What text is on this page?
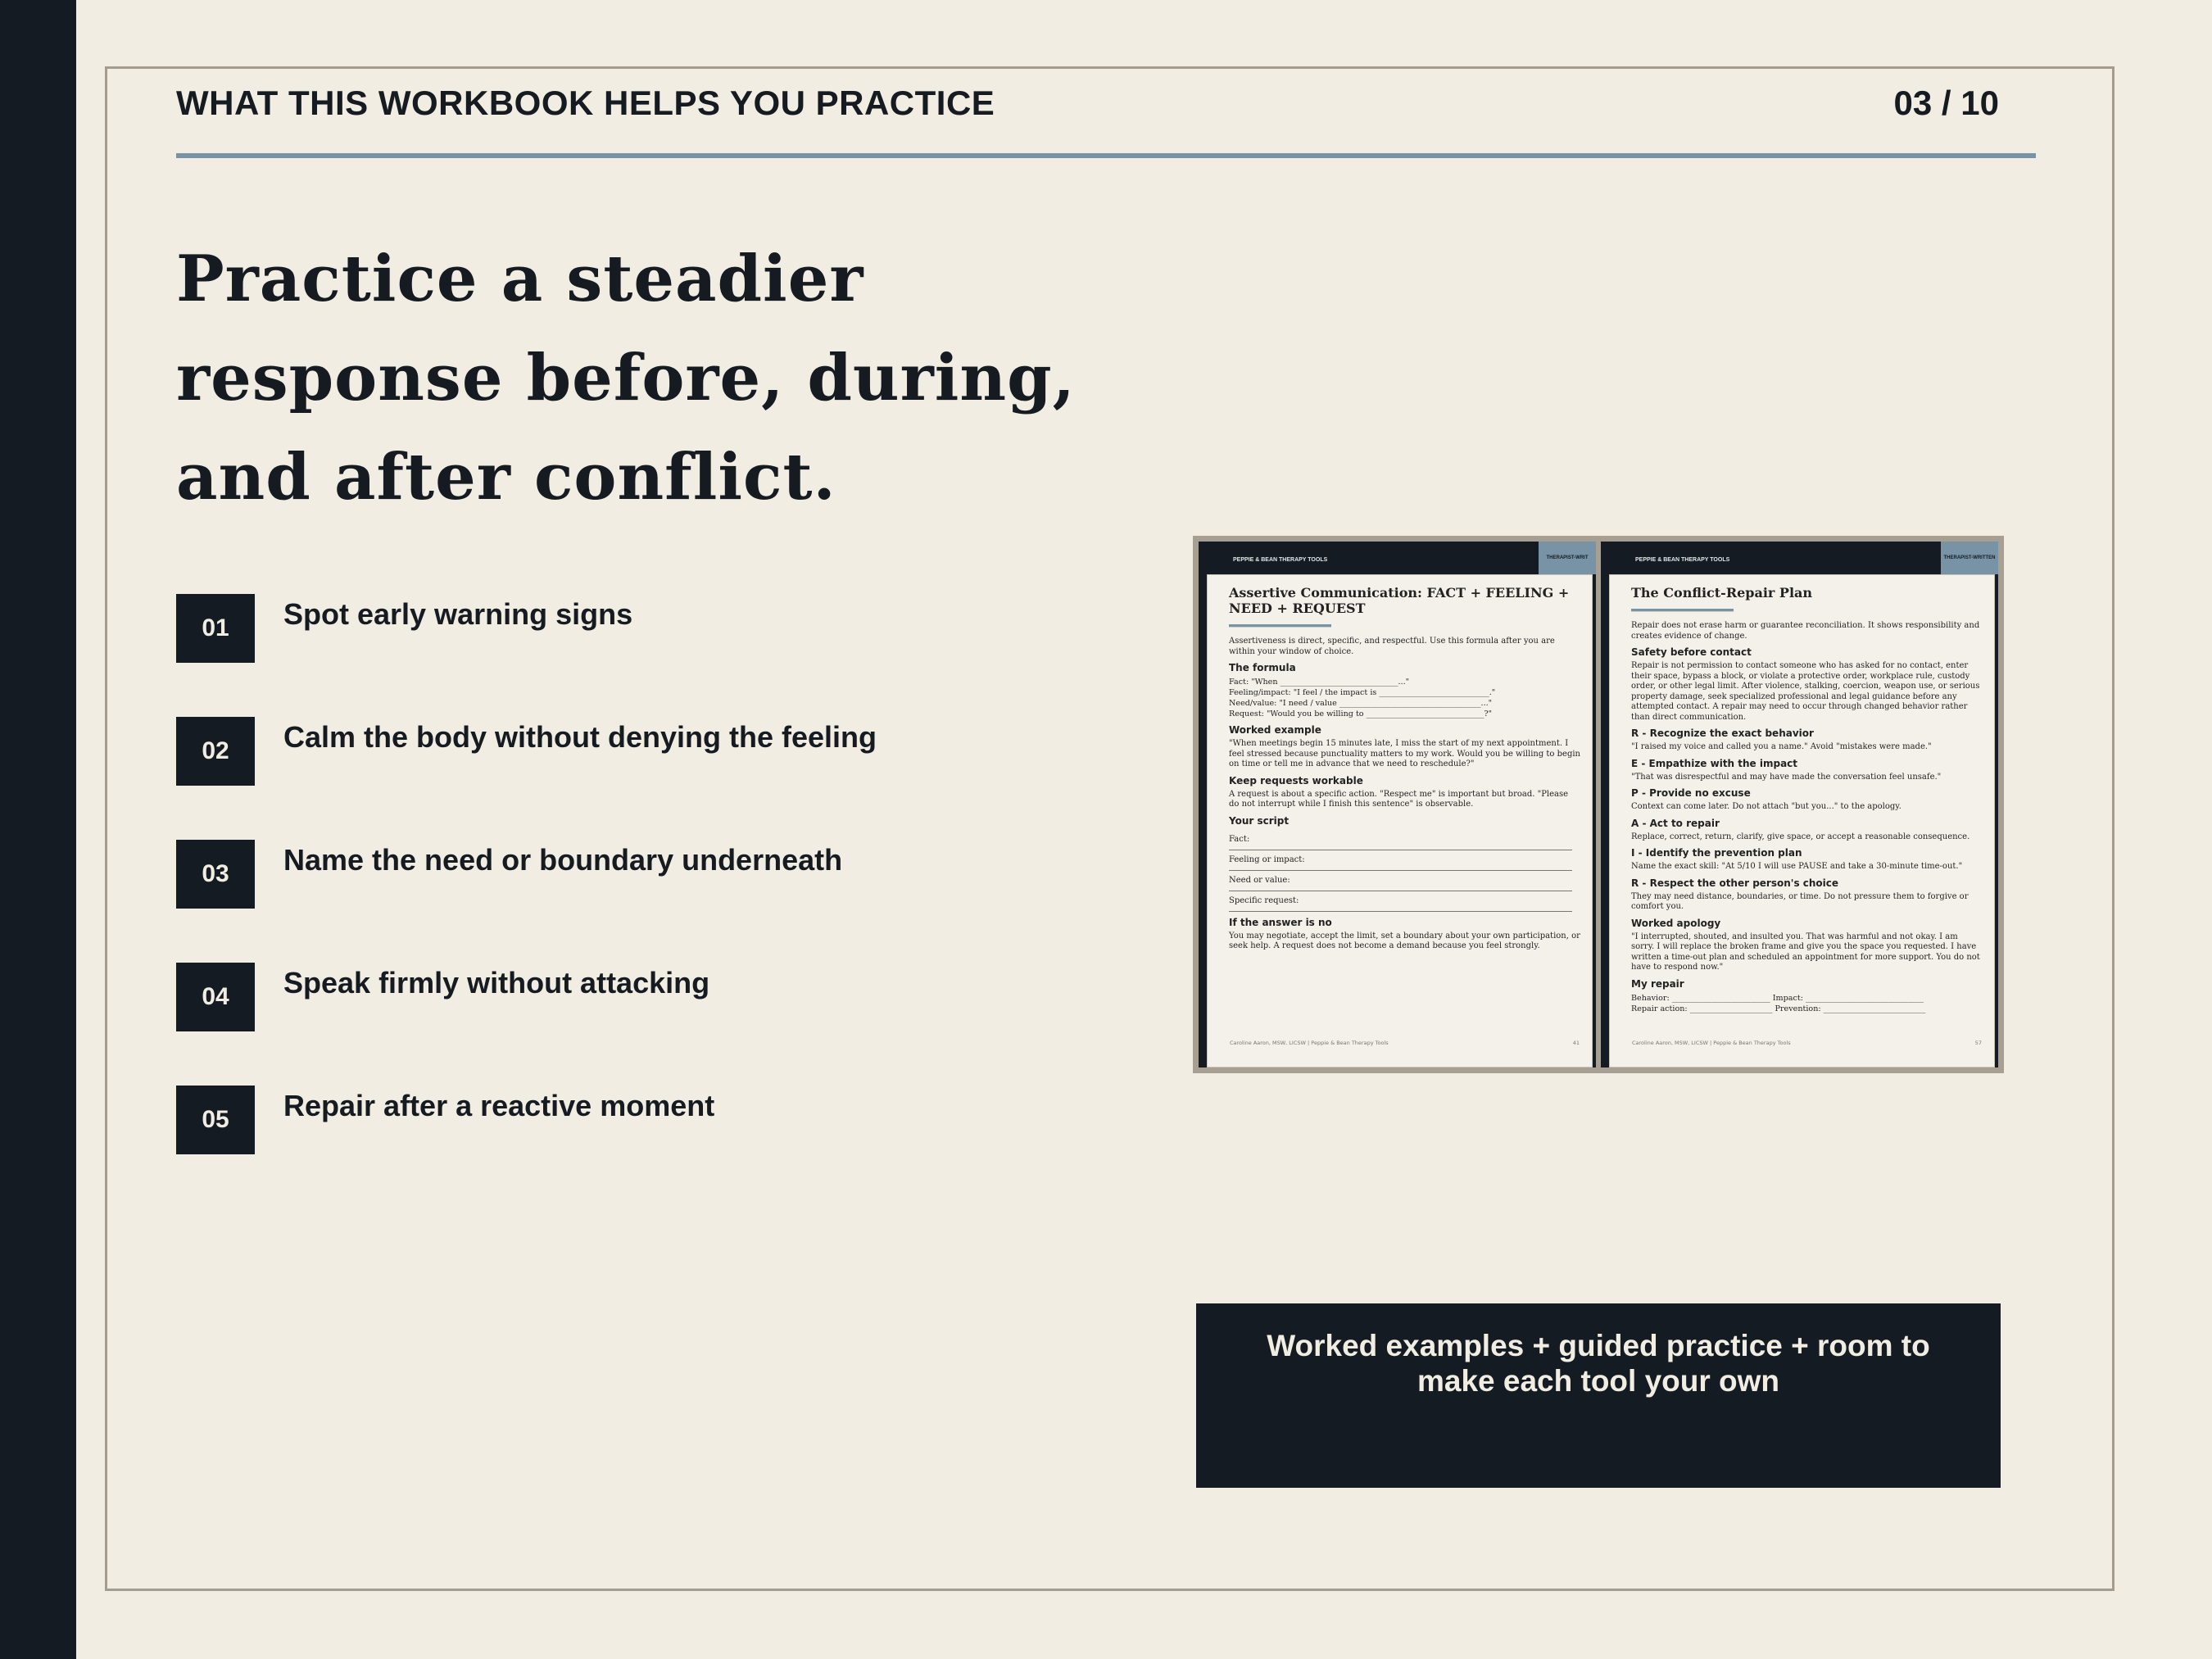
WHAT THIS WORKBOOK HELPS YOU PRACTICE	03 / 10
Practice a steadier response before, during, and after conflict.
01	Spot early warning signs
02	Calm the body without denying the feeling
03	Name the need or boundary underneath
04	Speak firmly without attacking
05	Repair after a reactive moment
PEPPIE & BEAN THERAPY TOOLS	THERAPIST-WRIT
Assertive Communication: FACT + FEELING + NEED + REQUEST
Assertiveness is direct, specific, and respectful. Use this formula after you are within your window of choice.
The formula
Fact: "When ______________________________..."
Feeling/impact: "I feel / the impact is ____________________________."
Need/value: "I need / value ____________________________________..."
Request: "Would you be willing to ______________________________?"
Worked example
"When meetings begin 15 minutes late, I miss the start of my next appointment. I feel stressed because punctuality matters to my work. Would you be willing to begin on time or tell me in advance that we need to reschedule?"
Keep requests workable
A request is about a specific action. "Respect me" is important but broad. "Please do not interrupt while I finish this sentence" is observable.
Your script
Fact:
Feeling or impact:
Need or value:
Specific request:
If the answer is no
You may negotiate, accept the limit, set a boundary about your own participation, or seek help. A request does not become a demand because you feel strongly.
Caroline Aaron, MSW, LICSW | Peppie & Bean Therapy Tools	41
PEPPIE & BEAN THERAPY TOOLS	THERAPIST-WRITTEN
The Conflict-Repair Plan
Repair does not erase harm or guarantee reconciliation. It shows responsibility and creates evidence of change.
Safety before contact
Repair is not permission to contact someone who has asked for no contact, enter their space, bypass a block, or violate a protective order, workplace rule, custody order, or other legal limit. After violence, stalking, coercion, weapon use, or serious property damage, seek specialized professional and legal guidance before any attempted contact. A repair may need to occur through changed behavior rather than direct communication.
R - Recognize the exact behavior
"I raised my voice and called you a name." Avoid "mistakes were made."
E - Empathize with the impact
"That was disrespectful and may have made the conversation feel unsafe."
P - Provide no excuse
Context can come later. Do not attach "but you..." to the apology.
A - Act to repair
Replace, correct, return, clarify, give space, or accept a reasonable consequence.
I - Identify the prevention plan
Name the exact skill: "At 5/10 I will use PAUSE and take a 30-minute time-out."
R - Respect the other person's choice
They may need distance, boundaries, or time. Do not pressure them to forgive or comfort you.
Worked apology
"I interrupted, shouted, and insulted you. That was harmful and not okay. I am sorry. I will replace the broken frame and give you the space you requested. I have written a time-out plan and scheduled an appointment for more support. You do not have to respond now."
My repair
Behavior: _________________________ Impact: ______________________________
Repair action: _____________________ Prevention: __________________________
Caroline Aaron, MSW, LICSW | Peppie & Bean Therapy Tools	57
Worked examples + guided practice + room to make each tool your own
